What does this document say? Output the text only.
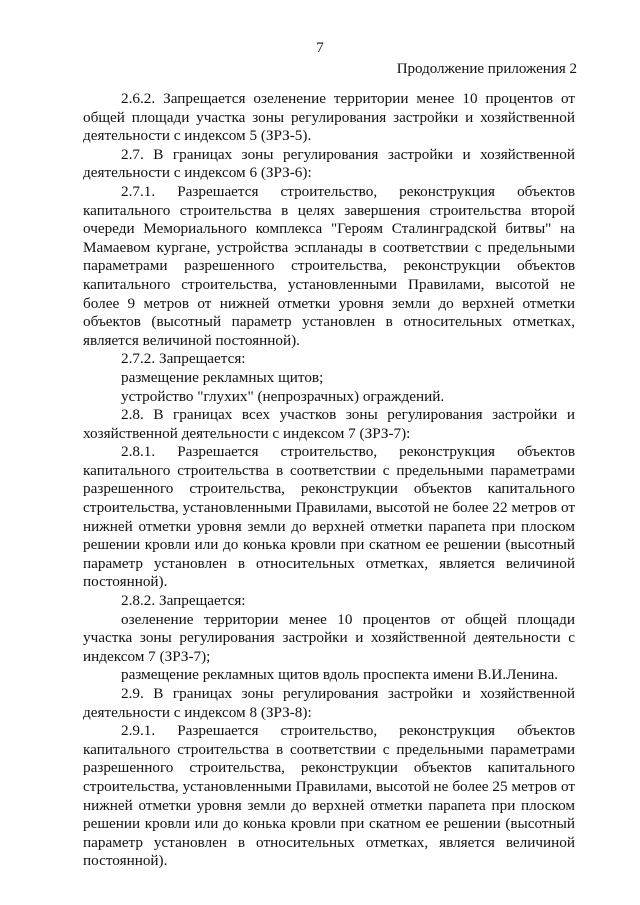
7
Продолжение приложения 2

2.6.2. Запрещается озеленение территории менее 10 процентов от общей площади участка зоны регулирования застройки и хозяйственной деятельности с индексом 5 (ЗРЗ-5).

2.7. В границах зоны регулирования застройки и хозяйственной деятельности с индексом 6 (ЗРЗ-6):

2.7.1. Разрешается строительство, реконструкция объектов капитального строительства в целях завершения строительства второй очереди Мемориального комплекса "Героям Сталинградской битвы" на Мамаевом кургане, устройства эспланады в соответствии с предельными параметрами разрешенного строительства, реконструкции объектов капитального строительства, установленными Правилами, высотой не более 9 метров от нижней отметки уровня земли до верхней отметки объектов (высотный параметр установлен в относительных отметках, является величиной постоянной).

2.7.2. Запрещается:

размещение рекламных щитов;

устройство "глухих" (непрозрачных) ограждений.

2.8. В границах всех участков зоны регулирования застройки и хозяйственной деятельности с индексом 7 (ЗРЗ-7):

2.8.1. Разрешается строительство, реконструкция объектов капитального строительства в соответствии с предельными параметрами разрешенного строительства, реконструкции объектов капитального строительства, установленными Правилами, высотой не более 22 метров от нижней отметки уровня земли до верхней отметки парапета при плоском решении кровли или до конька кровли при скатном ее решении (высотный параметр установлен в относительных отметках, является величиной постоянной).

2.8.2. Запрещается:

озеленение территории менее 10 процентов от общей площади участка зоны регулирования застройки и хозяйственной деятельности с индексом 7 (ЗРЗ-7);

размещение рекламных щитов вдоль проспекта имени В.И.Ленина.

2.9. В границах зоны регулирования застройки и хозяйственной деятельности с индексом 8 (ЗРЗ-8):

2.9.1. Разрешается строительство, реконструкция объектов капитального строительства в соответствии с предельными параметрами разрешенного строительства, реконструкции объектов капитального строительства, установленными Правилами, высотой не более 25 метров от нижней отметки уровня земли до верхней отметки парапета при плоском решении кровли или до конька кровли при скатном ее решении (высотный параметр установлен в относительных отметках, является величиной постоянной).
